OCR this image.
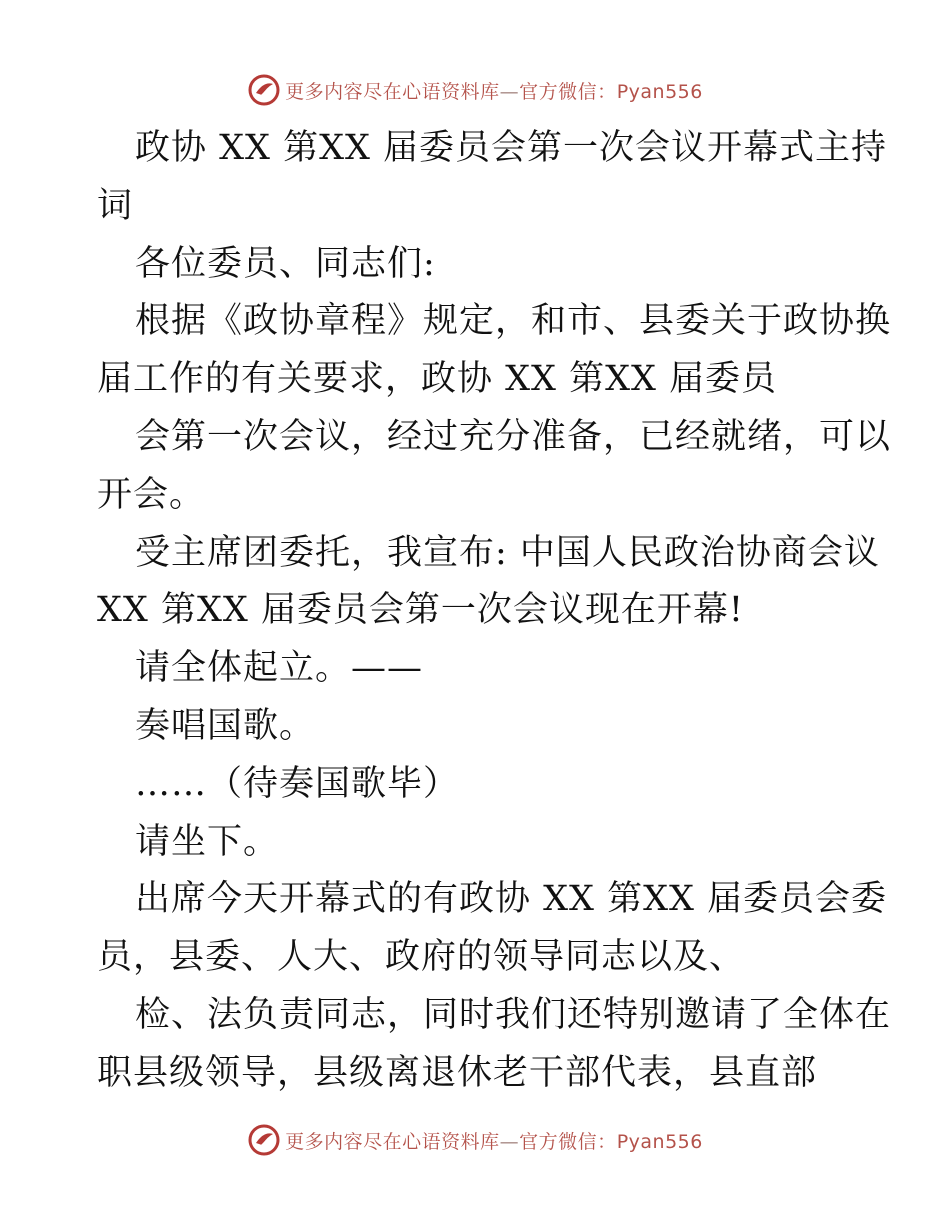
更多内容尽在心语资料库—官方微信：Pyan556

政协 XX 第XX 届委员会第一次会议开幕式主持

词

各位委员、同志们:

根据《政协章程》规定，和市、县委关于政协换

届工作的有关要求，政协 XX 第XX 届委员

会第一次会议，经过充分准备，已经就绪，可以

开会。

受主席团委托，我宣布: 中国人民政治协商会议

XX 第XX 届委员会第一次会议现在开幕!

请全体起立。——

奏唱国歌。

……（待奏国歌毕）

请坐下。

出席今天开幕式的有政协 XX 第XX 届委员会委

员，县委、人大、政府的领导同志以及、

检、法负责同志，同时我们还特别邀请了全体在

职县级领导，县级离退休老干部代表，县直部

更多内容尽在心语资料库—官方微信：Pyan556
